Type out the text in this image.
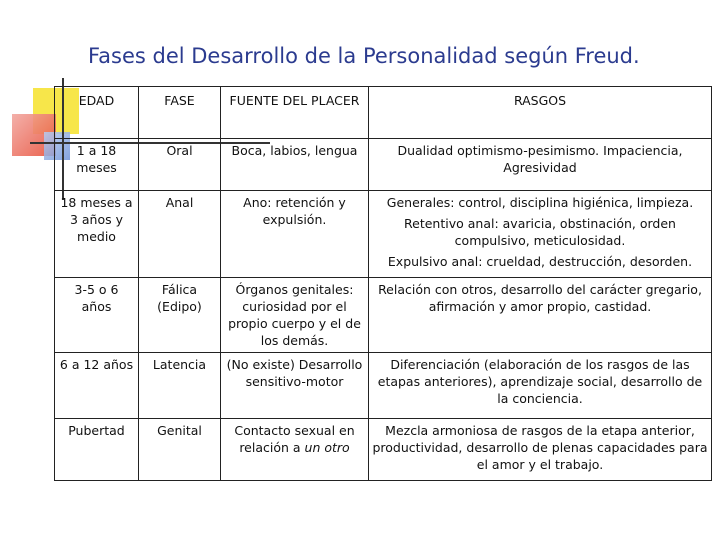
Fases del Desarrollo de la Personalidad según Freud.
EDAD	FASE	FUENTE DEL PLACER	RASGOS
1 a 18 meses	Oral	Boca, labios, lengua	Dualidad optimismo-pesimismo. Impaciencia, Agresividad

18 meses a 3 años y medio	Anal	Ano: retención y expulsión.	Generales: control, disciplina higiénica, limpieza.

Retentivo anal: avaricia, obstinación, orden compulsivo, meticulosidad.

Expulsivo anal: crueldad, destrucción, desorden.

3-5 o 6 años	Fálica (Edipo)	Órganos genitales: curiosidad por el propio cuerpo y el de los demás.	Relación con otros, desarrollo del carácter gregario, afirmación y amor propio, castidad.

6 a 12 años	Latencia	(No existe) Desarrollo sensitivo-motor	Diferenciación (elaboración de los rasgos de las etapas anteriores), aprendizaje social, desarrollo de la conciencia.

Pubertad	Genital	Contacto sexual en relación a un otro	Mezcla armoniosa de rasgos de la etapa anterior, productividad, desarrollo de plenas capacidades para el amor y el trabajo.
